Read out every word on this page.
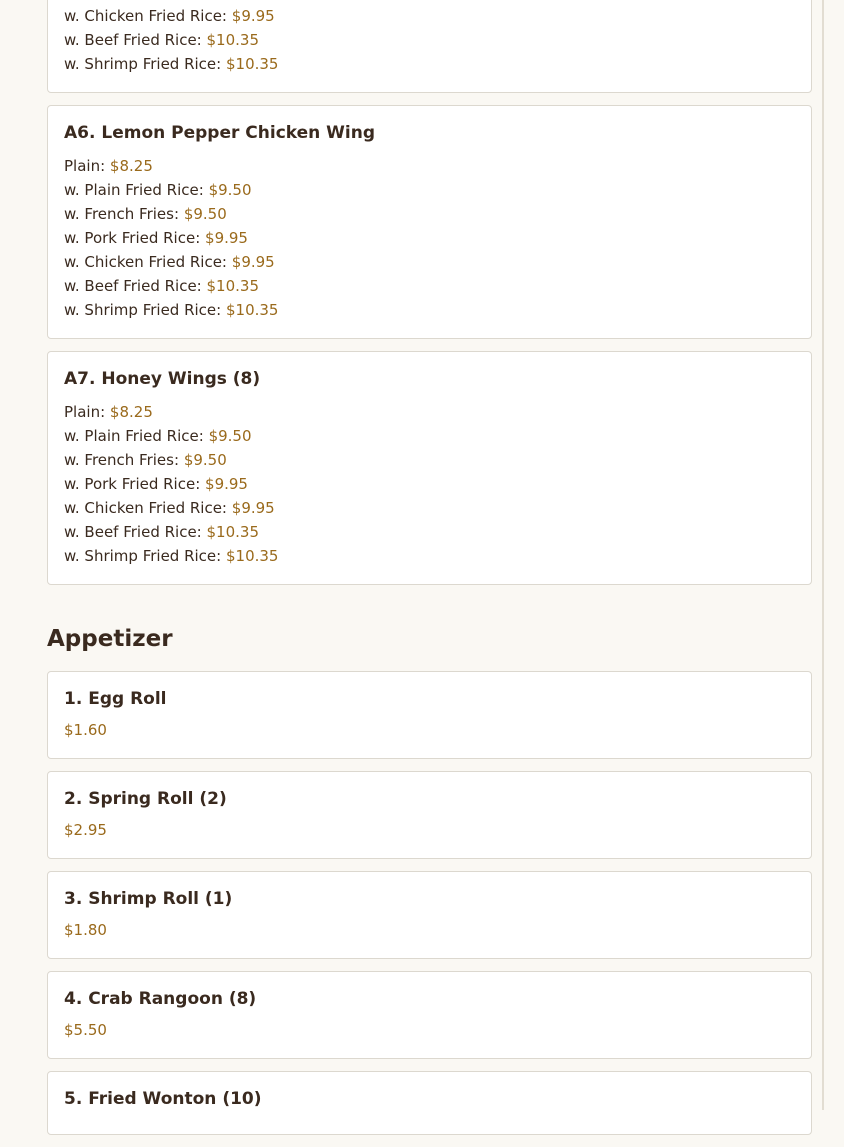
w. Chicken Fried Rice: $9.95
w. Beef Fried Rice: $10.35
w. Shrimp Fried Rice: $10.35
A6. Lemon Pepper Chicken Wing
Plain: $8.25
w. Plain Fried Rice: $9.50
w. French Fries: $9.50
w. Pork Fried Rice: $9.95
w. Chicken Fried Rice: $9.95
w. Beef Fried Rice: $10.35
w. Shrimp Fried Rice: $10.35
A7. Honey Wings (8)
Plain: $8.25
w. Plain Fried Rice: $9.50
w. French Fries: $9.50
w. Pork Fried Rice: $9.95
w. Chicken Fried Rice: $9.95
w. Beef Fried Rice: $10.35
w. Shrimp Fried Rice: $10.35
Appetizer
1. Egg Roll
$1.60
2. Spring Roll (2)
$2.95
3. Shrimp Roll (1)
$1.80
4. Crab Rangoon (8)
$5.50
5. Fried Wonton (10)
